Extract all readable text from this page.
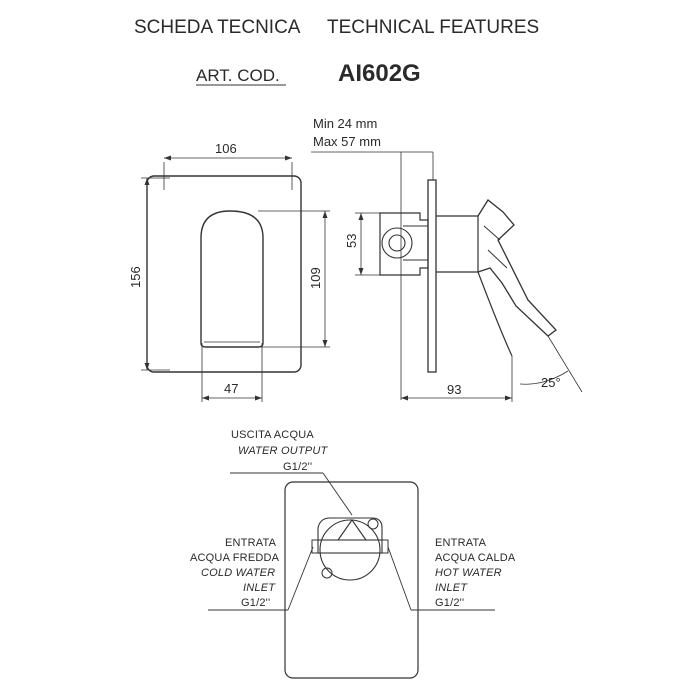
SCHEDA TECNICA TECHNICAL FEATURES
ART. COD. AI602G
106
156	109
47
Min 24 mm
Max 57 mm
53
93	25°
USCITA ACQUA
WATER OUTPUT
G1/2''
ENTRATA
ACQUA FREDDA
COLD WATER
INLET
G1/2''
ENTRATA
ACQUA CALDA
HOT WATER
INLET
G1/2''
